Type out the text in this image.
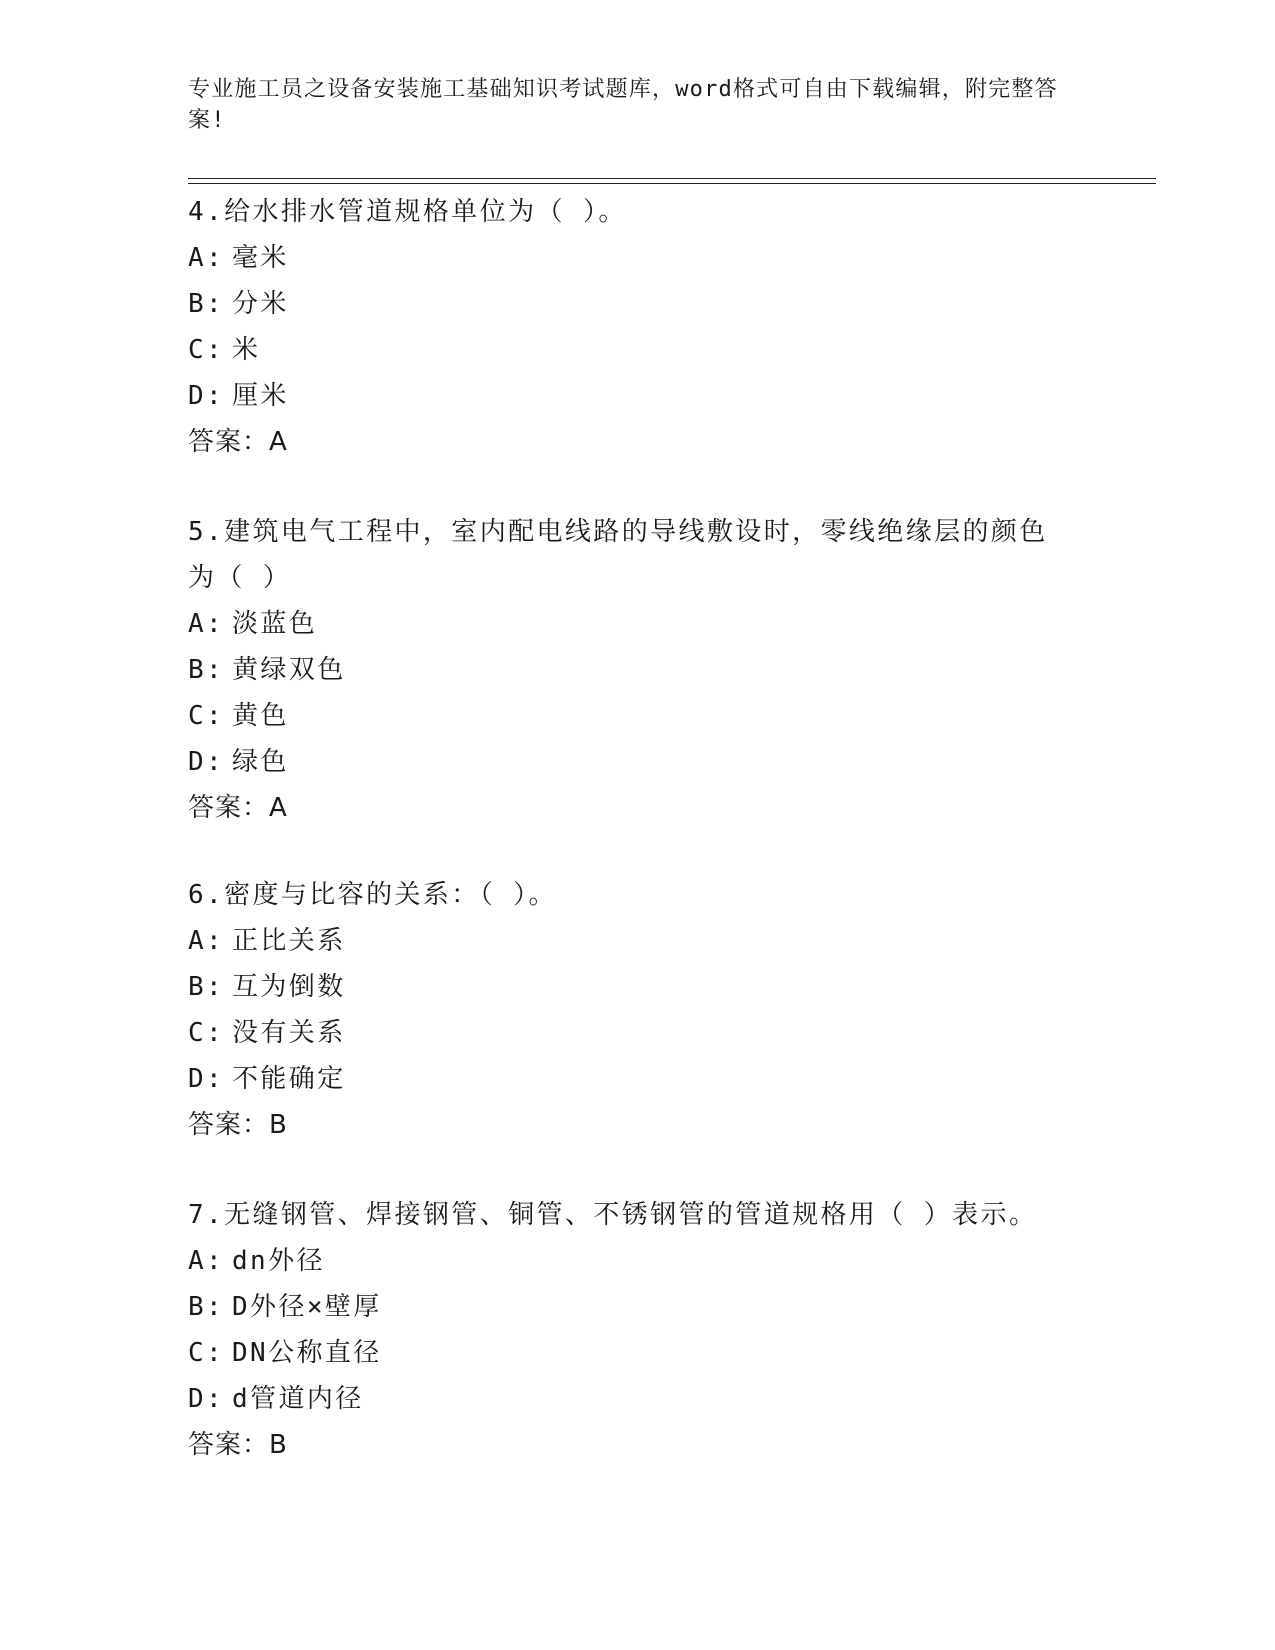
专业施工员之设备安装施工基础知识考试题库，word格式可自由下载编辑，附完整答案!

4.给水排水管道规格单位为（ ）。

A: 毫米

B: 分米

C: 米

D: 厘米

答案：A

5.建筑电气工程中，室内配电线路的导线敷设时，零线绝缘层的颜色为（ ）

A: 淡蓝色

B: 黄绿双色

C: 黄色

D: 绿色

答案：A

6.密度与比容的关系：（ ）。

A: 正比关系

B: 互为倒数

C: 没有关系

D: 不能确定

答案：B

7.无缝钢管、焊接钢管、铜管、不锈钢管的管道规格用（ ）表示。

A: dn外径

B: D外径×壁厚

C: DN公称直径

D: d管道内径

答案：B
